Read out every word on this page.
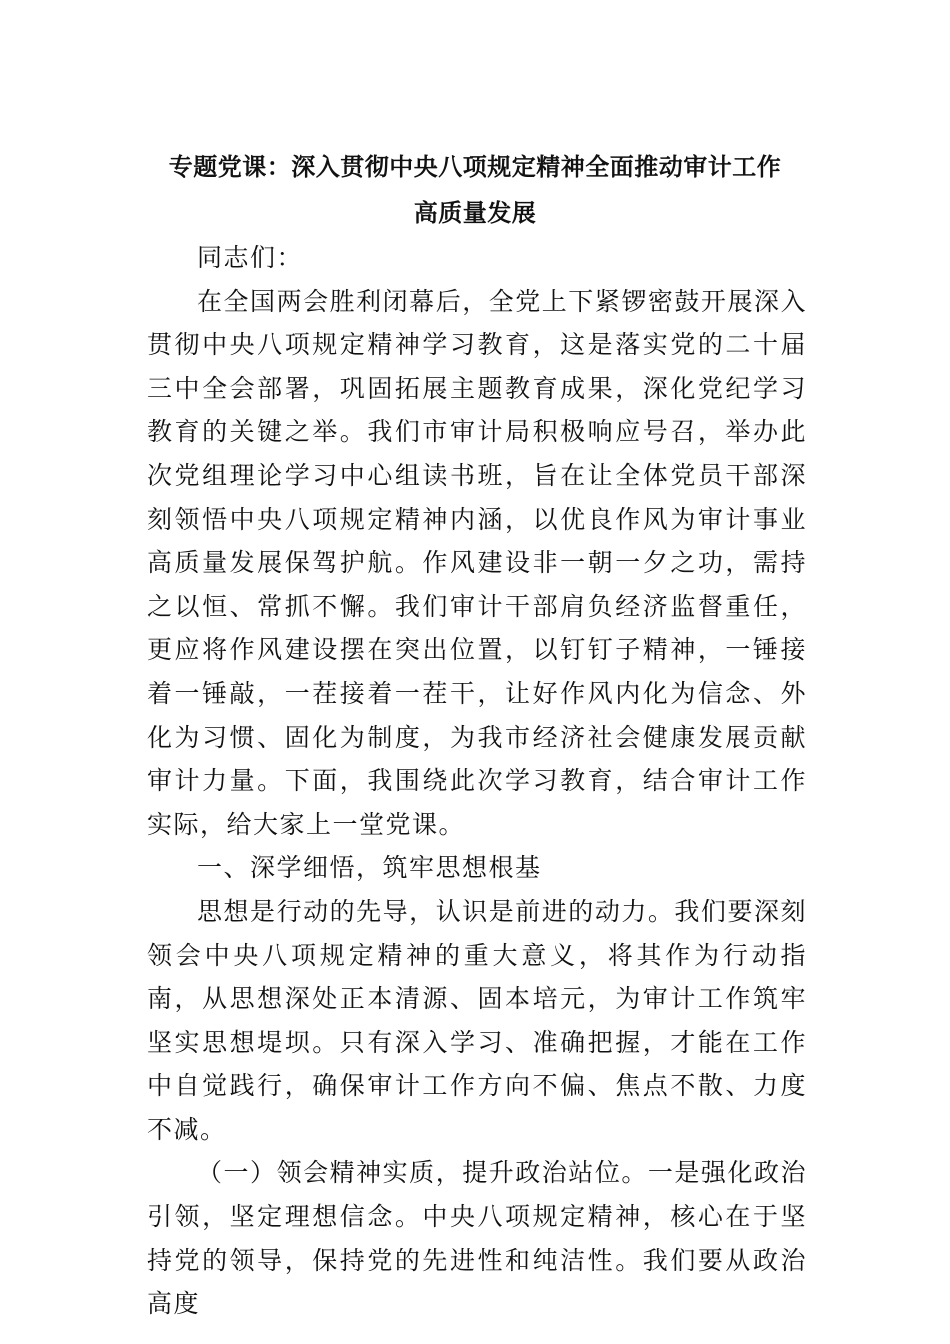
专题党课：深入贯彻中央八项规定精神全面推动审计工作
高质量发展

同志们：

在全国两会胜利闭幕后，全党上下紧锣密鼓开展深入贯彻中央八项规定精神学习教育，这是落实党的二十届三中全会部署，巩固拓展主题教育成果，深化党纪学习教育的关键之举。我们市审计局积极响应号召，举办此次党组理论学习中心组读书班，旨在让全体党员干部深刻领悟中央八项规定精神内涵，以优良作风为审计事业高质量发展保驾护航。作风建设非一朝一夕之功，需持之以恒、常抓不懈。我们审计干部肩负经济监督重任，更应将作风建设摆在突出位置，以钉钉子精神，一锤接着一锤敲，一茬接着一茬干，让好作风内化为信念、外化为习惯、固化为制度，为我市经济社会健康发展贡献审计力量。下面，我围绕此次学习教育，结合审计工作实际，给大家上一堂党课。

一、深学细悟，筑牢思想根基

思想是行动的先导，认识是前进的动力。我们要深刻领会中央八项规定精神的重大意义，将其作为行动指南，从思想深处正本清源、固本培元，为审计工作筑牢坚实思想堤坝。只有深入学习、准确把握，才能在工作中自觉践行，确保审计工作方向不偏、焦点不散、力度不减。

（一）领会精神实质，提升政治站位。一是强化政治引领，坚定理想信念。中央八项规定精神，核心在于坚持党的领导，保持党的先进性和纯洁性。我们要从政治高度
